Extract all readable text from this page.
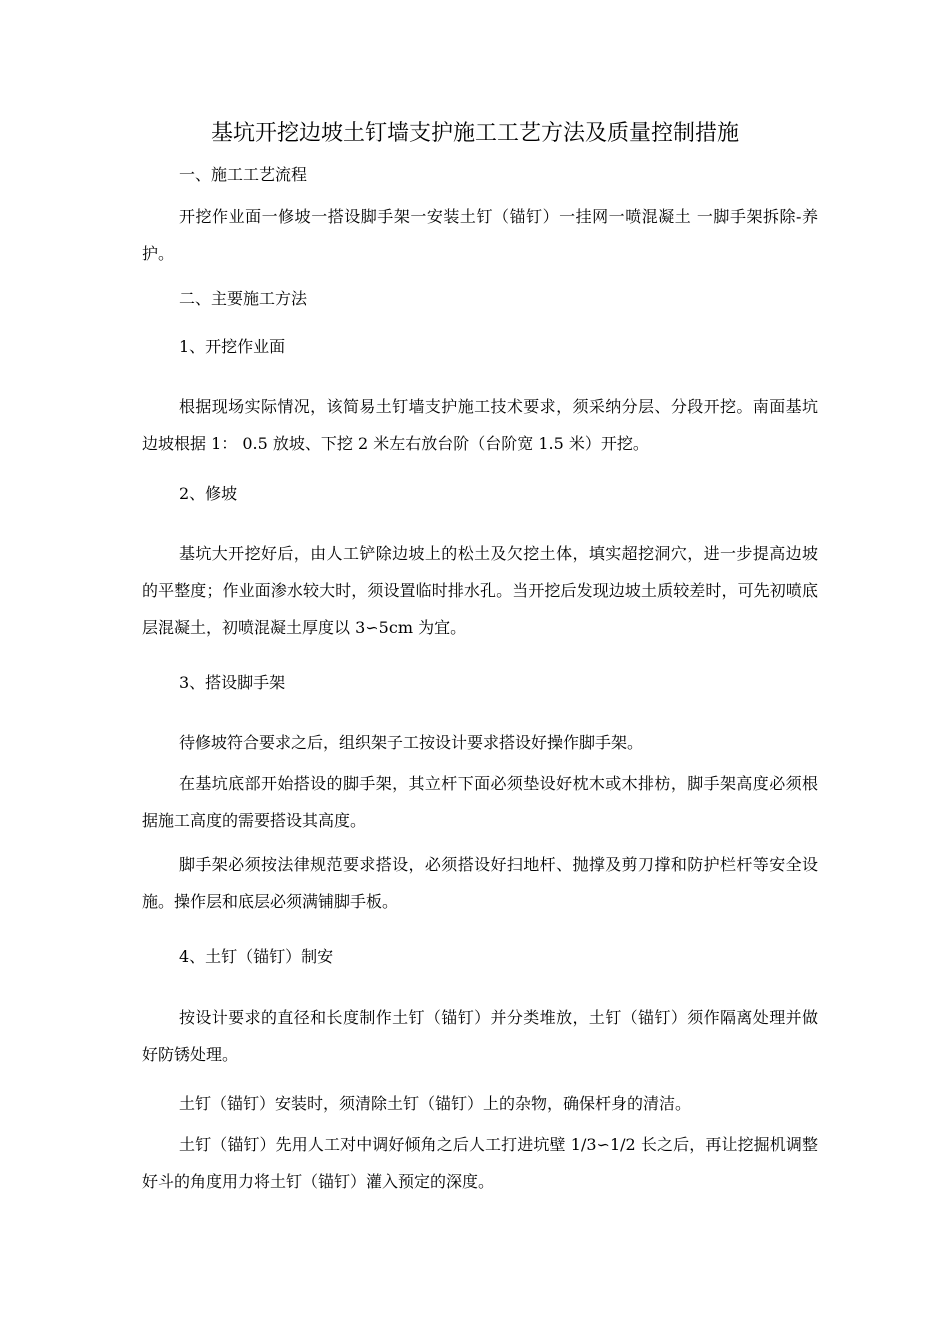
基坑开挖边坡土钉墙支护施工工艺方法及质量控制措施

一、施工工艺流程

开挖作业面一修坡一搭设脚手架一安装土钉（锚钉）一挂网一喷混凝土 一脚手架拆除-养护。

二、主要施工方法

1、开挖作业面

根据现场实际情况，该简易土钉墙支护施工技术要求，须采纳分层、分段开挖。南面基坑边坡根据 1： 0.5 放坡、下挖 2 米左右放台阶（台阶宽 1.5 米）开挖。

2、修坡

基坑大开挖好后，由人工铲除边坡上的松土及欠挖土体，填实超挖洞穴，进一步提高边坡的平整度；作业面渗水较大时，须设置临时排水孔。当开挖后发现边坡土质较差时，可先初喷底层混凝土，初喷混凝土厚度以 3∽5cm 为宜。

3、搭设脚手架

待修坡符合要求之后，组织架子工按设计要求搭设好操作脚手架。

在基坑底部开始搭设的脚手架，其立杆下面必须垫设好枕木或木排枋，脚手架高度必须根据施工高度的需要搭设其高度。

脚手架必须按法律规范要求搭设，必须搭设好扫地杆、抛撑及剪刀撑和防护栏杆等安全设施。操作层和底层必须满铺脚手板。

4、土钉（锚钉）制安

按设计要求的直径和长度制作土钉（锚钉）并分类堆放，土钉（锚钉）须作隔离处理并做好防锈处理。

土钉（锚钉）安装时，须清除土钉（锚钉）上的杂物，确保杆身的清洁。

土钉（锚钉）先用人工对中调好倾角之后人工打进坑壁 1/3∽1/2 长之后，再让挖掘机调整好斗的角度用力将土钉（锚钉）灌入预定的深度。
